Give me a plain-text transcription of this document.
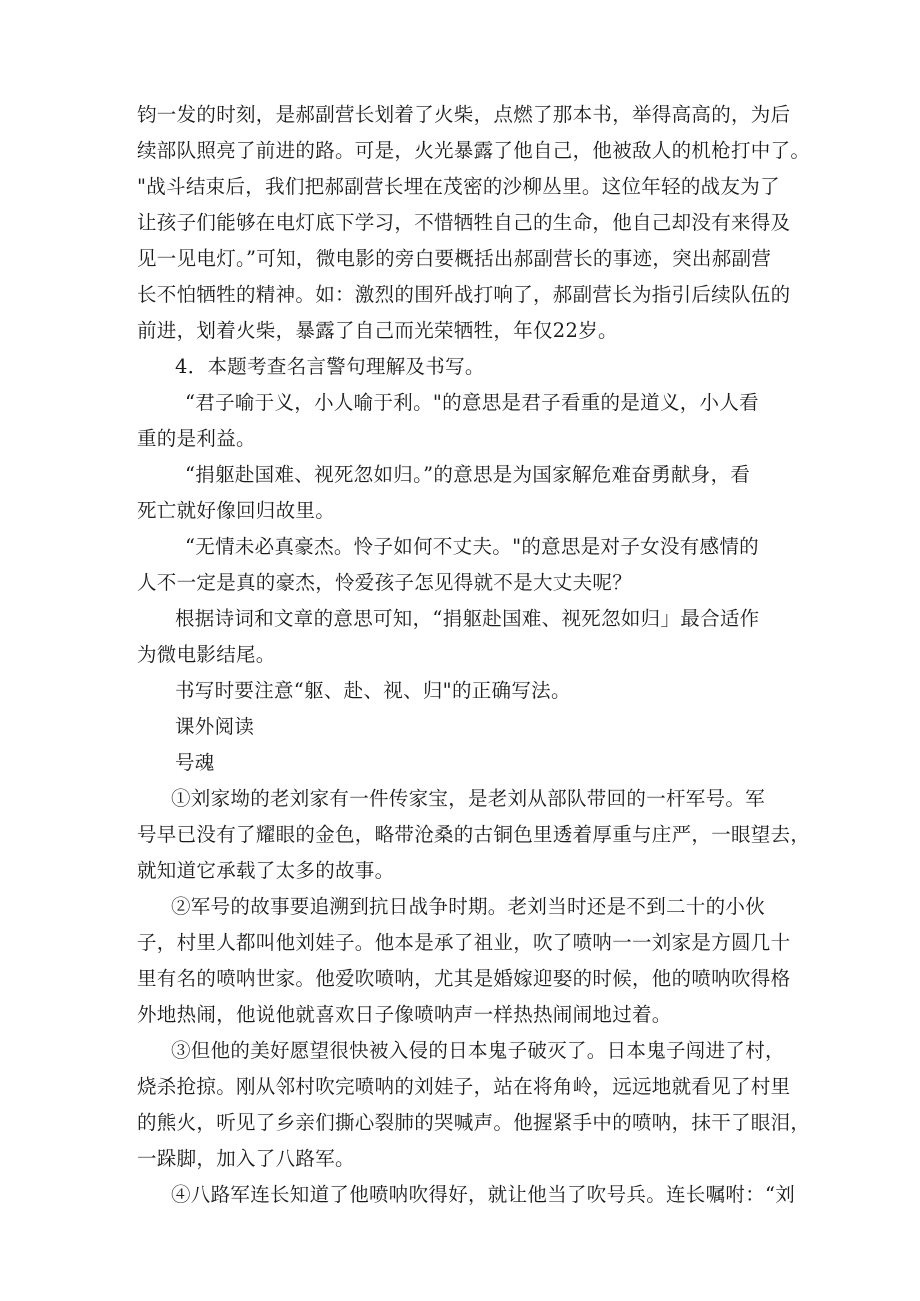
钧一发的时刻，是郝副营长划着了火柴，点燃了那本书，举得高高的，为后
续部队照亮了前进的路。可是，火光暴露了他自己，他被敌人的机枪打中了。
"战斗结束后，我们把郝副营长埋在茂密的沙柳丛里。这位年轻的战友为了
让孩子们能够在电灯底下学习，不惜牺牲自己的生命，他自己却没有来得及
见一见电灯。”可知，微电影的旁白要概括出郝副营长的事迹，突出郝副营
长不怕牺牲的精神。如：激烈的围歼战打响了，郝副营长为指引后续队伍的
前进，划着火柴，暴露了自己而光荣牺牲，年仅22岁。
4．本题考查名言警句理解及书写。
“君子喻于义，小人喻于利。"的意思是君子看重的是道义，小人看
重的是利益。
“捐躯赴国难、视死忽如归。”的意思是为国家解危难奋勇献身，看
死亡就好像回归故里。
“无情未必真豪杰。怜子如何不丈夫。"的意思是对子女没有感情的
人不一定是真的豪杰，怜爱孩子怎见得就不是大丈夫呢？
根据诗词和文章的意思可知，“捐躯赴国难、视死忽如归」最合适作
为微电影结尾。
书写时要注意“躯、赴、视、归"的正确写法。
课外阅读
号魂
①刘家坳的老刘家有一件传家宝，是老刘从部队带回的一杆军号。军
号早已没有了耀眼的金色，略带沧桑的古铜色里透着厚重与庄严，一眼望去，
就知道它承载了太多的故事。
②军号的故事要追溯到抗日战争时期。老刘当时还是不到二十的小伙
子，村里人都叫他刘娃子。他本是承了祖业，吹了喷呐一一刘家是方圆几十
里有名的喷呐世家。他爱吹喷呐，尤其是婚嫁迎娶的时候，他的喷呐吹得格
外地热闹，他说他就喜欢日子像喷呐声一样热热闹闹地过着。
③但他的美好愿望很快被入侵的日本鬼子破灭了。日本鬼子闯进了村，
烧杀抢掠。刚从邻村吹完喷呐的刘娃子，站在将角岭，远远地就看见了村里
的熊火，听见了乡亲们撕心裂肺的哭喊声。他握紧手中的喷呐，抹干了眼泪，
一跺脚，加入了八路军。
④八路军连长知道了他喷呐吹得好，就让他当了吹号兵。连长嘱咐：“刘
